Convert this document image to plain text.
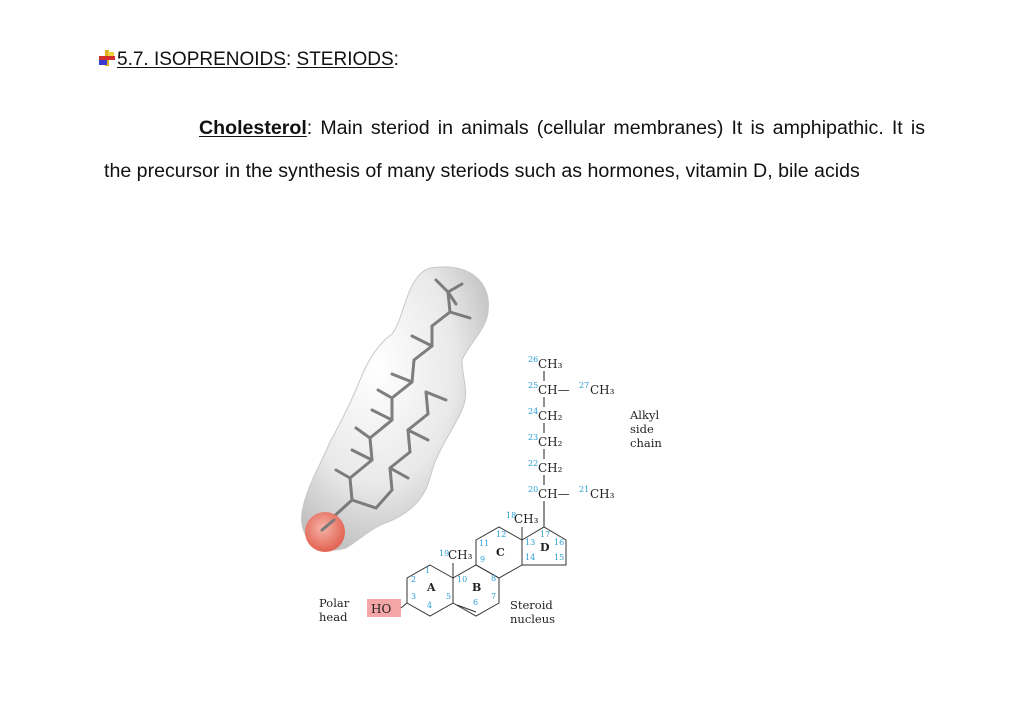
5.7. ISOPRENOIDS: STERIODS:

Cholesterol: Main steriod in animals (cellular membranes) It is amphipathic. It is the precursor in the synthesis of many steriods such as hormones, vitamin D, bile acids

26 CH₃
25 CH— 27 CH₃
24 CH₂
23 CH₂
22 CH₂
20 CH— 21 CH₃
Alkyl
side
chain
A	B
C	D
19
CH₃
18
CH₃
1
2
3
4
5
6
7
8
9
10
11
12
13
14 15
16
17
HO
Polar
head
Steroid
nucleus
